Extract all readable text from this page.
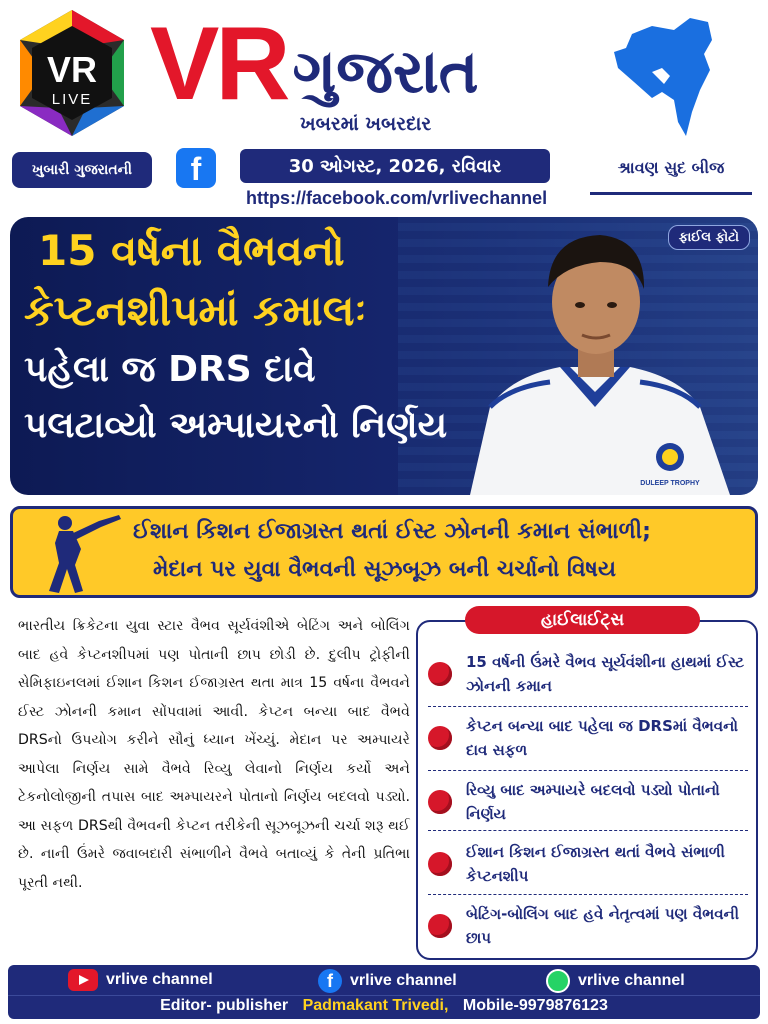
VR
LIVE VR ગુજરાત
ખબરમાં ખબરદાર
ખુબારી ગુજરાતની	f	30 ઓગસ્ટ, 2026, રવિવાર
https://facebook.com/vrlivechannel
શ્રાવણ સુદ બીજ
DULEEP TROPHY
15 વર્ષના વૈભવનો
કેપ્ટનશીપમાં કમાલઃ
પહેલા જ DRS દાવે
પલટાવ્યો અમ્પાયરનો નિર્ણય
ફાઈલ ફોટો
ઈશાન કિશન ઈજાગ્રસ્ત થતાં ઈસ્ટ ઝોનની કમાન સંભાળી;
મેદાન પર યુવા વૈભવની સૂઝબૂઝ બની ચર્ચાનો વિષય
ભારતીય ક્રિકેટના યુવા સ્ટાર વૈભવ સૂર્યવંશીએ બેટિંગ અને બોલિંગ બાદ હવે કેપ્ટનશીપમાં પણ પોતાની છાપ છોડી છે. દુલીપ ટ્રોફીની સેમિફાઇનલમાં ઈશાન કિશન ઈજાગ્રસ્ત થતા માત્ર 15 વર્ષના વૈભવને ઈસ્ટ ઝોનની કમાન સોંપવામાં આવી. કેપ્ટન બન્યા બાદ વૈભવે DRSનો ઉપયોગ કરીને સૌનું ધ્યાન ખેંચ્યું. મેદાન પર અમ્પાયરે આપેલા નિર્ણય સામે વૈભવે રિવ્યુ લેવાનો નિર્ણય કર્યો અને ટેકનોલોજીની તપાસ બાદ અમ્પાયરને પોતાનો નિર્ણય બદલવો પડ્યો. આ સફળ DRSથી વૈભવની કેપ્ટન તરીકેની સૂઝબૂઝની ચર્ચા શરૂ થઈ છે. નાની ઉંમરે જવાબદારી સંભાળીને વૈભવે બતાવ્યું કે તેની પ્રતિભા પૂરતી નથી.
15 વર્ષની ઉંમરે વૈભવ સૂર્યવંશીના હાથમાં ઈસ્ટ ઝોનની કમાન
કેપ્ટન બન્યા બાદ પહેલા જ DRSમાં વૈભવનો દાવ સફળ
રિવ્યુ બાદ અમ્પાયરે બદલવો પડ્યો પોતાનો નિર્ણય
ઈશાન કિશન ઈજાગ્રસ્ત થતાં વૈભવે સંભાળી કેપ્ટનશીપ
બેટિંગ-બોલિંગ બાદ હવે નેતૃત્વમાં પણ વૈભવની છાપ
હાઈલાઈટ્સ
vrlive channel	f	vrlive channel	vrlive channel
Editor- publisher Padmakant Trivedi, Mobile-9979876123
